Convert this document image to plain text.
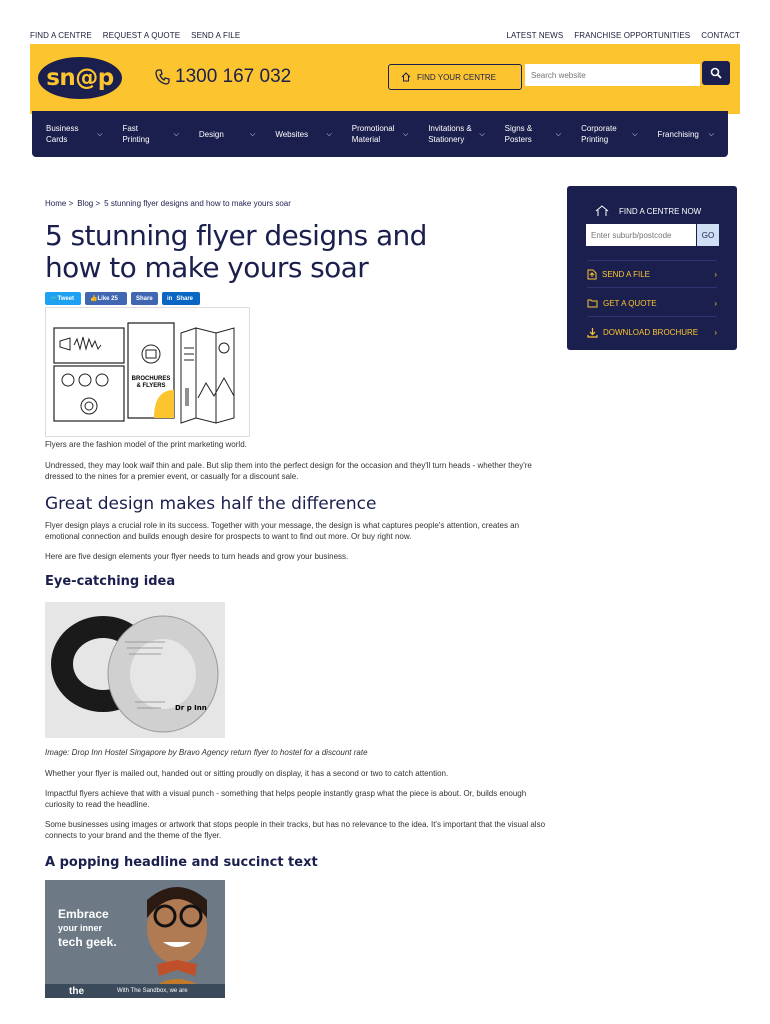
FIND A CENTRE REQUEST A QUOTE SEND A FILE	LATEST NEWS FRANCHISE OPPORTUNITIES CONTACT
sn@p	1300 167 032	FIND YOUR CENTRE
Search website
Business
Cards
⌵
Fast
Printing
⌵	Design	⌵	Websites	⌵
Promotional
Material
⌵
Invitations &
Stationery
⌵
Signs &
Posters
⌵
Corporate
Printing
⌵	Franchising ⌵
Home > Blog > 5 stunning flyer designs and how to make yours soar
5 stunning flyer designs and how to make yours soar
🐦 Tweet	👍 Like 25	Share in Share
BROCHURES
& FLYERS

Flyers are the fashion model of the print marketing world.

Undressed, they may look waif thin and pale. But slip them into the perfect design for the occasion and they'll turn heads - whether they're dressed to the nines for a premier event, or casually for a discount sale.

Great design makes half the difference

Flyer design plays a crucial role in its success. Together with your message, the design is what captures people's attention, creates an emotional connection and builds enough desire for prospects to want to find out more. Or buy right now.

Here are five design elements your flyer needs to turn heads and grow your business.

Eye-catching idea
Dr p Inn

Image: Drop Inn Hostel Singapore by Bravo Agency return flyer to hostel for a discount rate

Whether your flyer is mailed out, handed out or sitting proudly on display, it has a second or two to catch attention.

Impactful flyers achieve that with a visual punch - something that helps people instantly grasp what the piece is about. Or, builds enough curiosity to read the headline.

Some businesses using images or artwork that stops people in their tracks, but has no relevance to the idea. It's important that the visual also connects to your brand and the theme of the flyer.

A popping headline and succinct text
Embrace
your inner
tech geek.
the	With The Sandbox, we are
FIND A CENTRE NOW
Enter suburb/postcode
GO
SEND A FILE	›
GET A QUOTE	›
DOWNLOAD BROCHURE ›
